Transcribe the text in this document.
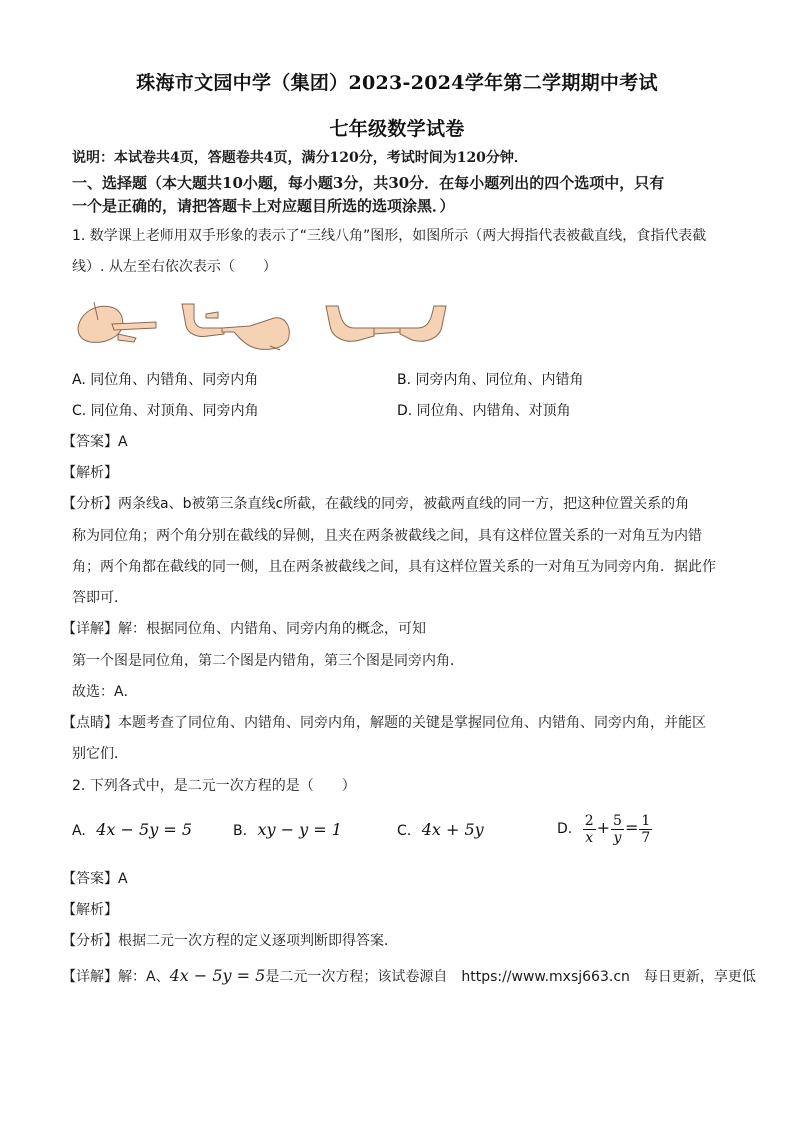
珠海市文园中学（集团）2023-2024学年第二学期期中考试
七年级数学试卷
说明：本试卷共4页，答题卷共4页，满分120分，考试时间为120分钟．
一、选择题（本大题共10小题，每小题3分，共30分．在每小题列出的四个选项中，只有
一个是正确的，请把答题卡上对应题目所选的选项涂黑．）
1. 数学课上老师用双手形象的表示了“三线八角”图形，如图所示（两大拇指代表被截直线，食指代表截
线）. 从左至右依次表示（　　）
A. 同位角、内错角、同旁内角	B. 同旁内角、同位角、内错角
C. 同位角、对顶角、同旁内角	D. 同位角、内错角、对顶角
【答案】A
【解析】
【分析】两条线a、b被第三条直线c所截，在截线的同旁，被截两直线的同一方，把这种位置关系的角
称为同位角；两个角分别在截线的异侧，且夹在两条被截线之间，具有这样位置关系的一对角互为内错
角；两个角都在截线的同一侧，且在两条被截线之间，具有这样位置关系的一对角互为同旁内角．据此作
答即可．
【详解】解：根据同位角、内错角、同旁内角的概念，可知
第一个图是同位角，第二个图是内错角，第三个图是同旁内角．
故选：A．
【点睛】本题考查了同位角、内错角、同旁内角，解题的关键是掌握同位角、内错角、同旁内角，并能区
别它们．
2. 下列各式中，是二元一次方程的是（　　）
A. 4x − 5y = 5	B. xy − y = 1	C. 4x + 5y	D. $\frac{2}{x} + \frac{5}{y} = \frac{1}{7}$
【答案】A
【解析】
【分析】根据二元一次方程的定义逐项判断即得答案．
【详解】解：A、4x − 5y = 5是二元一次方程；该试卷源自　https://www.mxsj663.cn　每日更新，享更低
